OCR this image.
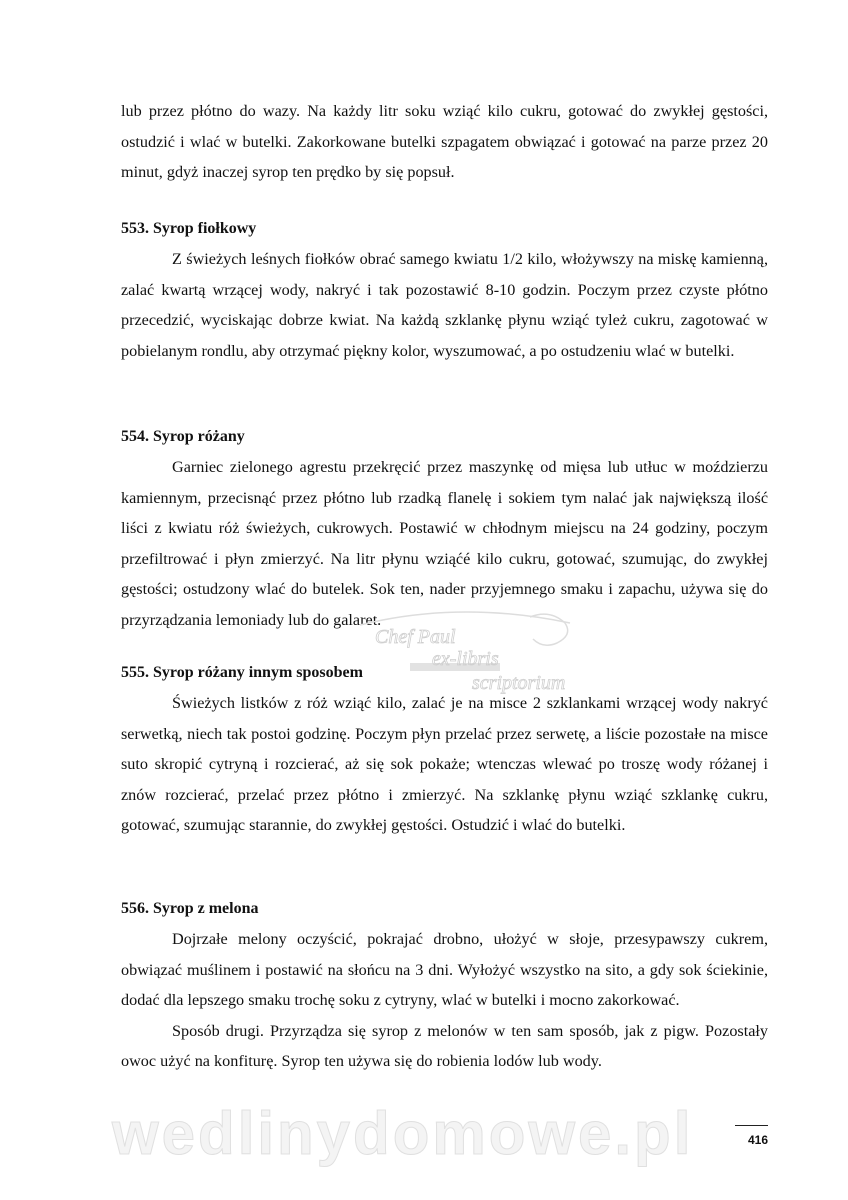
lub przez płótno do wazy. Na każdy litr soku wziąć kilo cukru, gotować do zwykłej gęstości, ostudzić i wlać w butelki. Zakorkowane butelki szpagatem obwiązać i gotować na parze przez 20 minut, gdyż inaczej syrop ten prędko by się popsuł.

553. Syrop fiołkowy

Z świeżych leśnych fiołków obrać samego kwiatu 1/2 kilo, włożywszy na miskę kamienną, zalać kwartą wrzącej wody, nakryć i tak pozostawić 8-10 godzin. Poczym przez czyste płótno przecedzić, wyciskając dobrze kwiat. Na każdą szklankę płynu wziąć tyleż cukru, zagotować w pobielanym rondlu, aby otrzymać piękny kolor, wyszumować, a po ostudzeniu wlać w butelki.

554. Syrop różany

Garniec zielonego agrestu przekręcić przez maszynkę od mięsa lub utłuc w moździerzu kamiennym, przecisnąć przez płótno lub rzadką flanelę i sokiem tym nalać jak największą ilość liści z kwiatu róż świeżych, cukrowych. Postawić w chłodnym miejscu na 24 godziny, poczym przefiltrować i płyn zmierzyć. Na litr płynu wziąćé kilo cukru, gotować, szumując, do zwykłej gęstości; ostudzony wlać do butelek. Sok ten, nader przyjemnego smaku i zapachu, używa się do przyrządzania lemoniady lub do galaret.

555. Syrop różany innym sposobem

Świeżych listków z róż wziąć kilo, zalać je na misce 2 szklankami wrzącej wody nakryć serwetką, niech tak postoi godzinę. Poczym płyn przelać przez serwetę, a liście pozostałe na misce suto skropić cytryną i rozcierać, aż się sok pokaże; wtenczas wlewać po troszę wody różanej i znów rozcierać, przelać przez płótno i zmierzyć. Na szklankę płynu wziąć szklankę cukru, gotować, szumując starannie, do zwykłej gęstości. Ostudzić i wlać do butelki.

556. Syrop z melona

Dojrzałe melony oczyścić, pokrajać drobno, ułożyć w słoje, przesypawszy cukrem, obwiązać muślinem i postawić na słońcu na 3 dni. Wyłożyć wszystko na sito, a gdy sok ściekinie, dodać dla lepszego smaku trochę soku z cytryny, wlać w butelki i mocno zakorkować.

Sposób drugi. Przyrządza się syrop z melonów w ten sam sposób, jak z pigw. Pozostały owoc użyć na konfiturę. Syrop ten używa się do robienia lodów lub wody.

Chef Paul
ex-libris
scriptorium
wedlinydomowe.pl	416
